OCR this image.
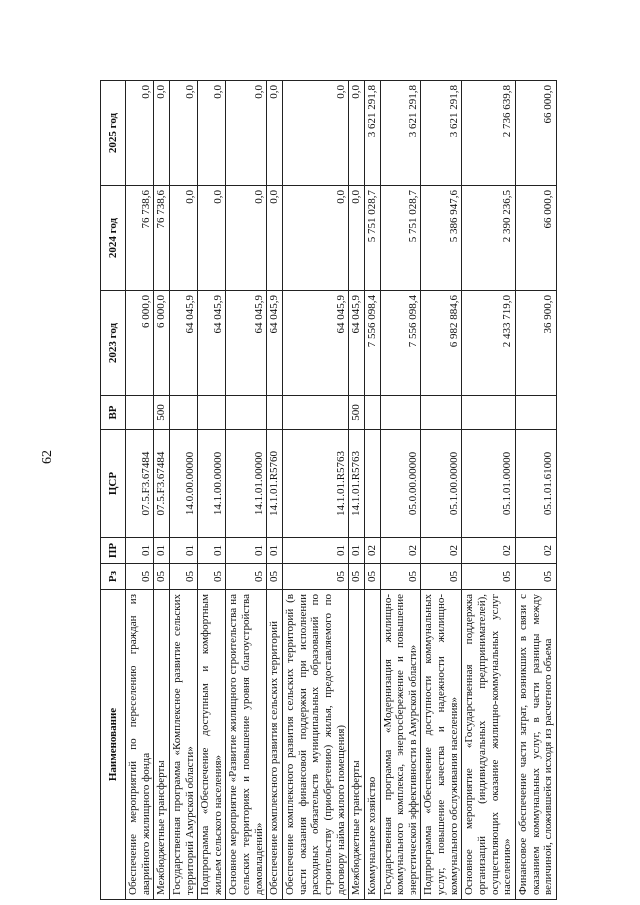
62
Наименование	Рз	ПР	ЦСР	ВР	2023 год	2024 год	2025 год
Обеспечение мероприятий по переселению граждан из аварийного жилищного фонда	05	01	07.5.F3.67484		6 000,0	76 738,6	0,0
Межбюджетные трансферты	05	01	07.5.F3.67484	500	6 000,0	76 738,6	0,0
Государственная программа «Комплексное развитие сельских территорий Амурской области»	05	01	14.0.00.00000		64 045,9	0,0	0,0
Подпрограмма «Обеспечение доступным и комфортным жильем сельского населения»	05	01	14.1.00.00000		64 045,9	0,0	0,0
Основное мероприятие «Развитие жилищного строительства на сельских территориях и повышение уровня благоустройства домовладений»	05	01	14.1.01.00000		64 045,9	0,0	0,0
Обеспечение комплексного развития сельских территорий	05	01	14.1.01.R5760		64 045,9	0,0	0,0
Обеспечение комплексного развития сельских территорий (в части оказания финансовой поддержки при исполнении расходных обязательств муниципальных образований по строительству (приобретению) жилья, предоставляемого по договору найма жилого помещения)	05	01	14.1.01.R5763		64 045,9	0,0	0,0
Межбюджетные трансферты	05	01	14.1.01.R5763	500	64 045,9	0,0	0,0
Коммунальное хозяйство	05	02			7 556 098,4	5 751 028,7	3 621 291,8
Государственная программа «Модернизация жилищно-коммунального комплекса, энергосбережение и повышение энергетической эффективности в Амурской области»	05	02	05.0.00.00000		7 556 098,4	5 751 028,7	3 621 291,8
Подпрограмма «Обеспечение доступности коммунальных услуг, повышение качества и надежности жилищно-коммунального обслуживания населения»	05	02	05.1.00.00000		6 982 884,6	5 386 947,6	3 621 291,8
Основное мероприятие «Государственная поддержка организаций (индивидуальных предпринимателей), осуществляющих оказание жилищно-коммунальных услуг населению»	05	02	05.1.01.00000		2 433 719,0	2 390 236,5	2 736 639,8
Финансовое обеспечение части затрат, возникших в связи с оказанием коммунальных услуг, в части разницы между величиной, сложившейся исходя из расчетного объема	05	02	05.1.01.61000		36 900,0	66 000,0	66 000,0
